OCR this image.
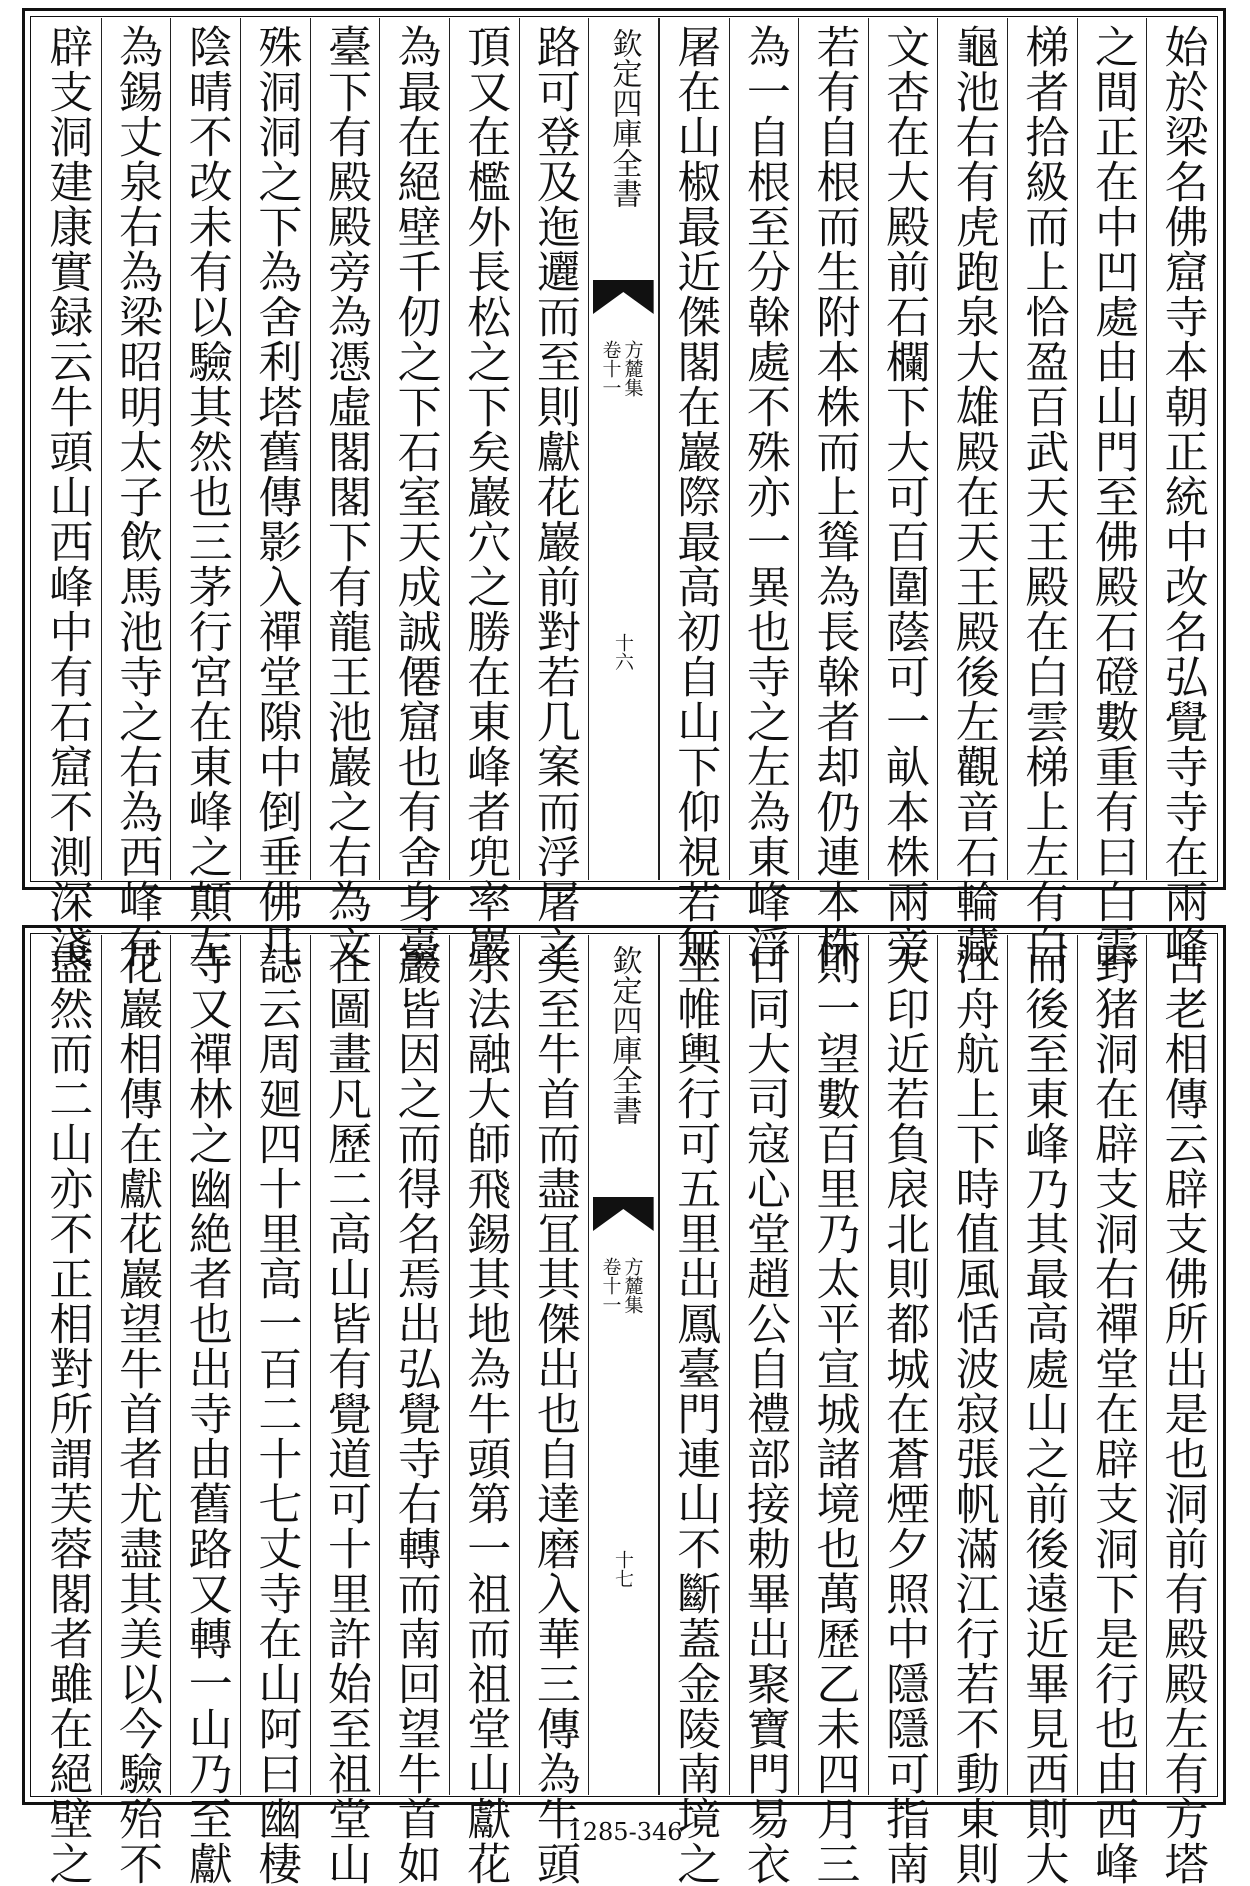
始於梁名佛窟寺本朝正統中改名弘覺寺寺在兩峰
之間正在中凹處由山門至佛殿石磴數重有曰白雲
梯者拾級而上恰盈百武天王殿在白雲梯上左有白
龜池右有虎跑泉大雄殿在天王殿後左觀音石輪藏
文杏在大殿前石欄下大可百圍蔭可一畒本株兩旁
若有自根而生附本株而上聳為長榦者却仍連本株
為一自根至分榦處不殊亦一異也寺之左為東峰浮
屠在山椒最近傑閣在巖際最高初自山下仰視若無
欽定四庫全書
方麓集
卷十一
十六
路可登及迤邐而至則獻花巖前對若几案而浮屠之
頂又在檻外長松之下矣巖穴之勝在東峰者兜率巖
為最在絕壁千仞之下石室天成誠僊窟也有舍身臺
臺下有殿殿旁為憑虛閣閣下有龍王池巖之右為文
殊洞洞之下為舍利塔舊傳影入禪堂隙中倒垂佛几
陰晴不改未有以驗其然也三茅行宮在東峰之顛左
為錫丈泉右為梁昭明太子飲馬池寺之右為西峰有
辟支洞建康實録云牛頭山西峰中有石窟不測深淺
古老相傳云辟支佛所出是也洞前有殿殿左有方塔
野猪洞在辟支洞右禪堂在辟支洞下是行也由西峰
而後至東峰乃其最高處山之前後遠近畢見西則大
江舟航上下時值風恬波寂張帆滿江行若不動東則
天印近若負扆北則都城在蒼煙夕照中隱隱可指南
則一望數百里乃太平宣城諸境也萬歷乙未四月三
日同大司寇心堂趙公自禮部接勅畢出聚寶門易衣
坐帷輿行可五里出鳳臺門連山不斷蓋金陵南境之
欽定四庫全書
方麓集
卷十一
十七
美至牛首而盡冝其傑出也自達磨入華三傳為牛頭
宗法融大師飛錫其地為牛頭第一祖而祖堂山獻花
巖皆因之而得名焉出弘覺寺右轉而南回望牛首如
在圖畫凡歷二高山皆有覺道可十里許始至祖堂山
誌云周廻四十里高一百二十七丈寺在山阿曰幽棲
寺又禪林之幽絶者也出寺由舊路又轉一山乃至獻
花巖相傳在獻花巖望牛首者尤盡其美以今驗殆不
盡然而二山亦不正相對所謂芙蓉閣者雖在絕壁之	1285-346
